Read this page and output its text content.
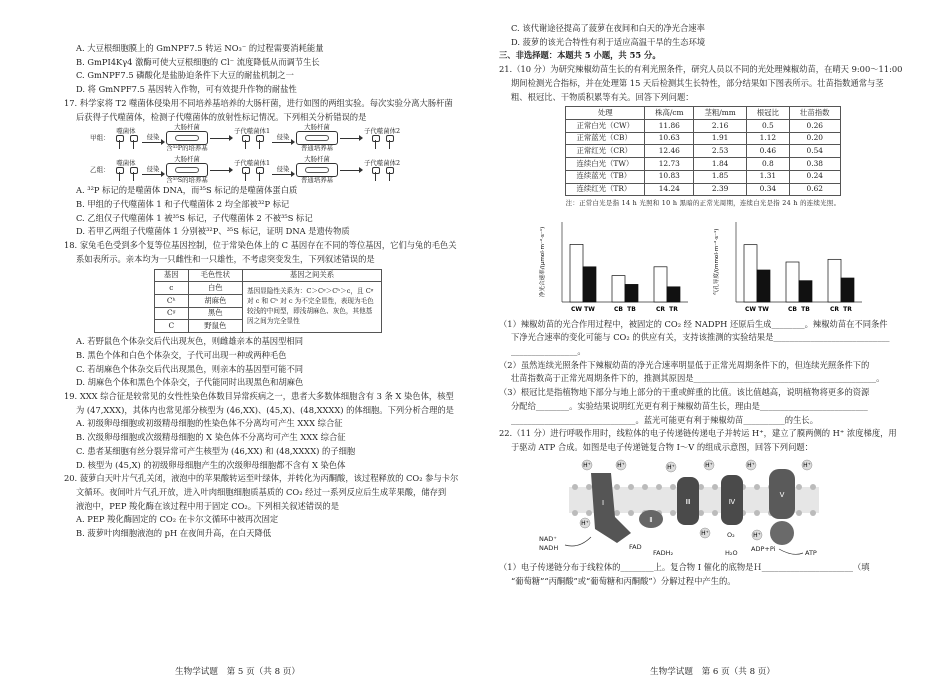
A. 大豆根细胞膜上的 GmNPF7.5 转运 NO₃⁻ 的过程需要消耗能量

B. GmPI4Kγ4 激酶可使大豆根细胞的 Cl⁻ 流度降低从而调节生长

C. GmNPF7.5 磷酸化是盐胁迫条件下大豆的耐盐机制之一

D. 将 GmNPF7.5 基因转入作物，可有效提升作物的耐盐性

17. 科学家将 T2 噬菌体侵染用不同培养基培养的大肠杆菌，进行如图的两组实验。每次实验分离大肠杆菌

后获得子代噬菌体，检测子代噬菌体的放射性标记情况。下列相关分析错误的是

甲组：
噬菌体
侵染
大肠杆菌
含³²P的培养基
子代噬菌体1
侵染
大肠杆菌
普通培养基
子代噬菌体2
乙组：
噬菌体
侵染
大肠杆菌
含³⁵S的培养基
子代噬菌体1
侵染
大肠杆菌
普通培养基
子代噬菌体2

A. ³²P 标记的是噬菌体 DNA，而³⁵S 标记的是噬菌体蛋白质

B. 甲组的子代噬菌体 1 和子代噬菌体 2 均全部被³²P 标记

C. 乙组仅子代噬菌体 1 被³⁵S 标记，子代噬菌体 2 不被³⁵S 标记

D. 若甲乙两组子代噬菌体 1 分别被³²P、³⁵S 标记，证明 DNA 是遗传物质

18. 家兔毛色受到多个复等位基因控制，位于常染色体上的 C 基因存在不同的等位基因，它们与兔的毛色关

系如表所示。亲本均为一只雌性和一只雄性，不考虑突变发生，下列叙述错误的是

基因	毛色性状	基因之间关系
c	白色	基因显隐性关系为：C＞Cᵍ＞Cʰ＞c，且 Cᵍ 对 c 和 Cʰ 对 c 为不完全显性，表现为毛色较浅的中间型，即浅胡麻色、灰色，其他基因之间为完全显性
Cʰ	胡麻色	
Cᵍ	黑色	
C	野鼠色	

A. 若野鼠色个体杂交后代出现灰色，则雌雄亲本的基因型相同

B. 黑色个体和白色个体杂交，子代可出现一种或两种毛色

C. 若胡麻色个体杂交后代出现黑色，则亲本的基因型可能不同

D. 胡麻色个体和黑色个体杂交，子代能同时出现黑色和胡麻色

19. XXX 综合征是较常见的女性性染色体数目异常疾病之一，患者大多数体细胞含有 3 条 X 染色体，核型

为 (47,XXX)，其体内也常见部分核型为 (46,XX)、(45,X)、(48,XXXX) 的体细胞。下列分析合理的是

A. 初级卵母细胞或初级精母细胞的性染色体不分离均可产生 XXX 综合征

B. 次级卵母细胞或次级精母细胞的 X 染色体不分离均可产生 XXX 综合征

C. 患者某细胞有丝分裂异常可产生核型为 (46,XX) 和 (48,XXXX) 的子细胞

D. 核型为 (45,X) 的初级卵母细胞产生的次级卵母细胞都不含有 X 染色体

20. 菠萝白天叶片气孔关闭，液泡中的苹果酸转运至叶绿体，并转化为丙酮酸，该过程释放的 CO₂ 参与卡尔

文循环。夜间叶片气孔开放，进入叶肉细胞细胞质基质的 CO₂ 经过一系列反应后生成苹果酸，储存到

液泡中，PEP 羧化酶在该过程中用于固定 CO₂。下列相关叙述错误的是

A. PEP 羧化酶固定的 CO₂ 在卡尔文循环中被再次固定

B. 菠萝叶肉细胞液泡的 pH 在夜间升高，在白天降低

生物学试题　第 5 页（共 8 页）

C. 该代谢途径提高了菠萝在夜间和白天的净光合速率

D. 菠萝的该光合特性有利于适应高温干旱的生态环境

三、非选择题：本题共 5 小题，共 55 分。

21.（10 分）为研究辣椒幼苗生长的有利光照条件，研究人员以不同的光处理辣椒幼苗，在晴天 9:00～11:00

期间检测光合指标，并在处理第 15 天后检测其生长特性，部分结果如下图表所示。壮苗指数通常与茎

粗、根冠比、干物质积累等有关。回答下列问题：

处理	株高/cm	茎粗/mm	根冠比	壮苗指数
正常白光（CW）	11.86	2.16	0.5	0.26
正常蓝光（CB）	10.63	1.91	1.12	0.20
正常红光（CR）	12.46	2.53	0.46	0.54
连续白光（TW）	12.73	1.84	0.8	0.38
连续蓝光（TB）	10.83	1.85	1.31	0.24
连续红光（TR）	14.24	2.39	0.34	0.62

注：正常白光是指 14 h 光照和 10 h 黑暗的正常光周期，连续白光是指 24 h 的连续光照。

净光合速率/(μmol·m⁻²·s⁻¹)
CW TW	CB TB	CR TR
气孔导度/(mmol·m⁻²·s⁻¹)
CW TW	CB TB	CR TR

（1）辣椒幼苗的光合作用过程中，被固定的 CO₂ 经 NADPH 还原后生成________。辣椒幼苗在不同条件

下净光合速率的变化可能与 CO₂ 的供应有关，支持该推测的实验结果是____________________________

________________。

（2）虽然连续光照条件下辣椒幼苗的净光合速率明显低于正常光周期条件下的，但连续光照条件下的

壮苗指数高于正常光周期条件下的，推测其原因是____________________________________________。

（3）根冠比是指植物地下部分与地上部分的干重或鲜重的比值。该比值越高，说明植物将更多的资源

分配给________。实验结果说明红光更有利于辣椒幼苗生长，理由是__________________________

______________________________。蓝光可能更有利于辣椒幼苗__________的生长。

22.（11 分）进行呼吸作用时，线粒体的电子传递链传递电子并转运 H⁺，建立了膜两侧的 H⁺ 浓度梯度，用

于驱动 ATP 合成。如图是电子传递链复合物 Ⅰ～Ⅴ 的组成示意图，回答下列问题：

Ⅰ
Ⅱ
Ⅲ	Ⅳ
Ⅴ
H⁺	H⁺	H⁺	H⁺	H⁺	H⁺
H⁺
H⁺	H⁺
NAD⁺
NADH	FAD
FADH₂
O₂
H₂O ADP+Pi	ATP

（1）电子传递链分布于线粒体的________上。复合物 Ⅰ 催化的底物是Ｈ______________________（填

“葡萄糖”“丙酮酸”或“葡萄糖和丙酮酸”）分解过程中产生的。

生物学试题　第 6 页（共 8 页）
